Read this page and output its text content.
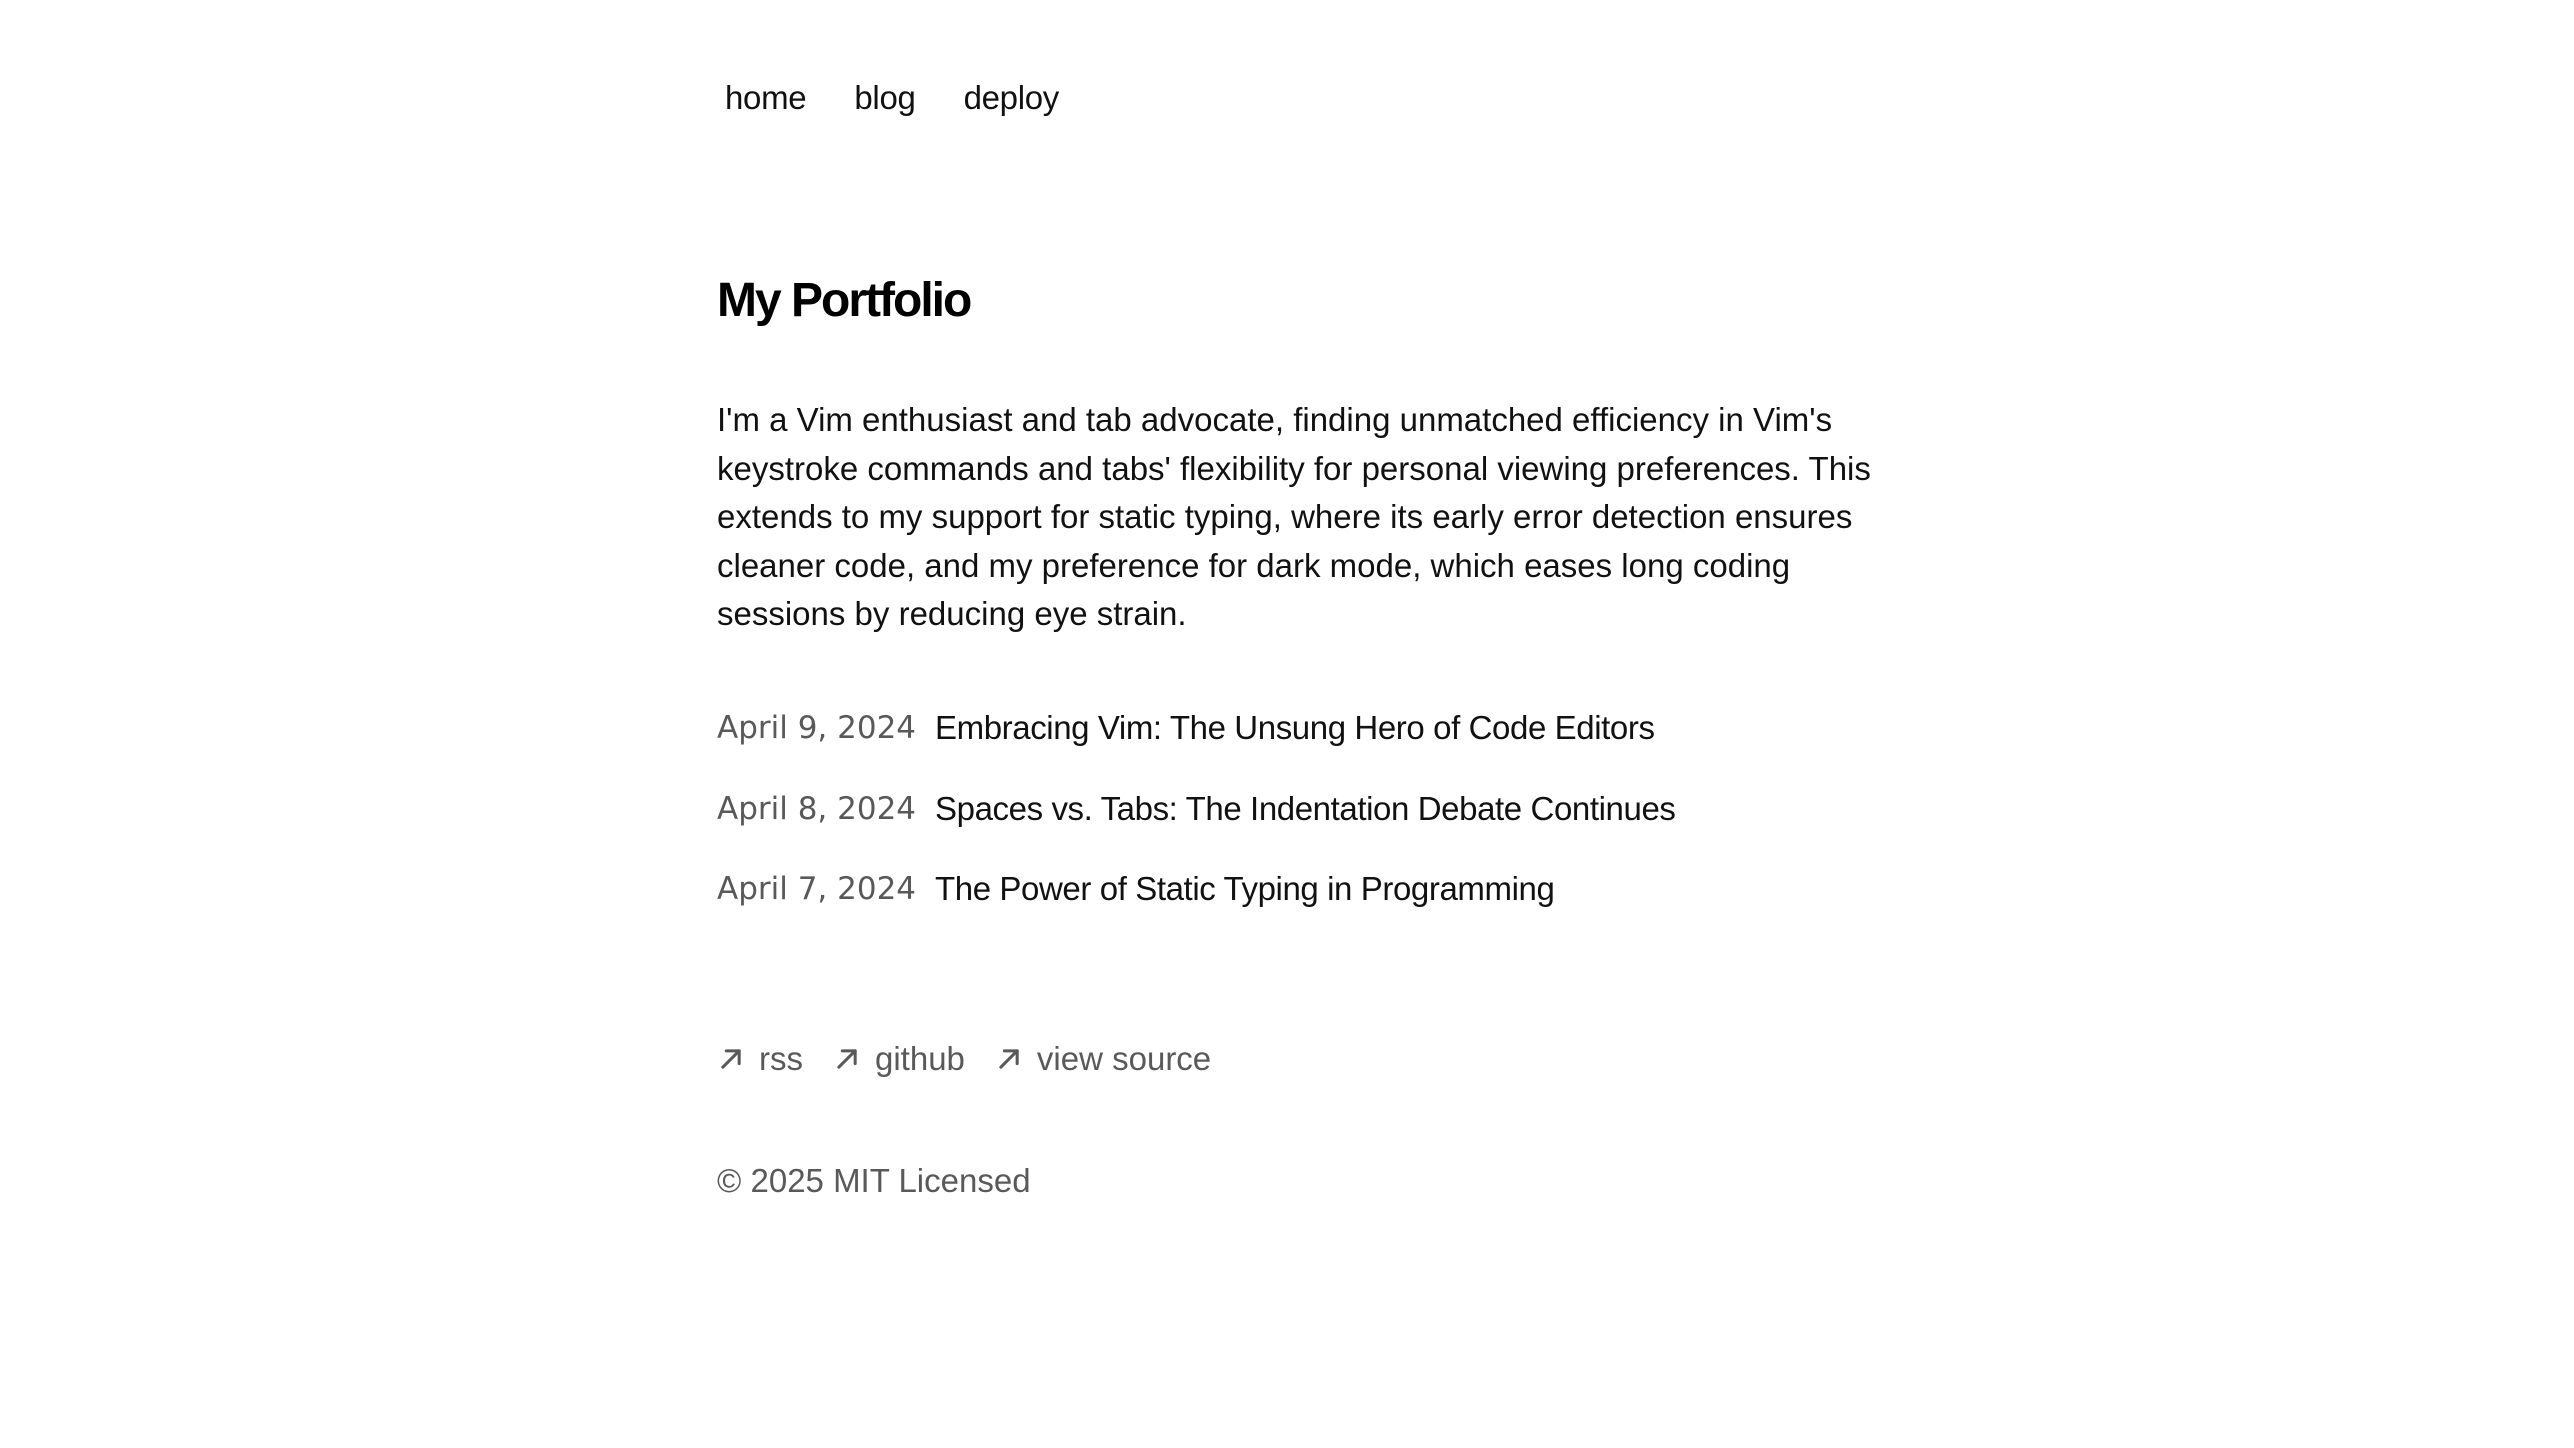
home blog deploy
My Portfolio

I'm a Vim enthusiast and tab advocate, finding unmatched efficiency in Vim's keystroke commands and tabs' flexibility for personal viewing preferences. This extends to my support for static typing, where its early error detection ensures cleaner code, and my preference for dark mode, which eases long coding sessions by reducing eye strain.

April 9, 2024 Embracing Vim: The Unsung Hero of Code Editors
April 8, 2024 Spaces vs. Tabs: The Indentation Debate Continues
April 7, 2024 The Power of Static Typing in Programming
rss github view source

© 2025 MIT Licensed
